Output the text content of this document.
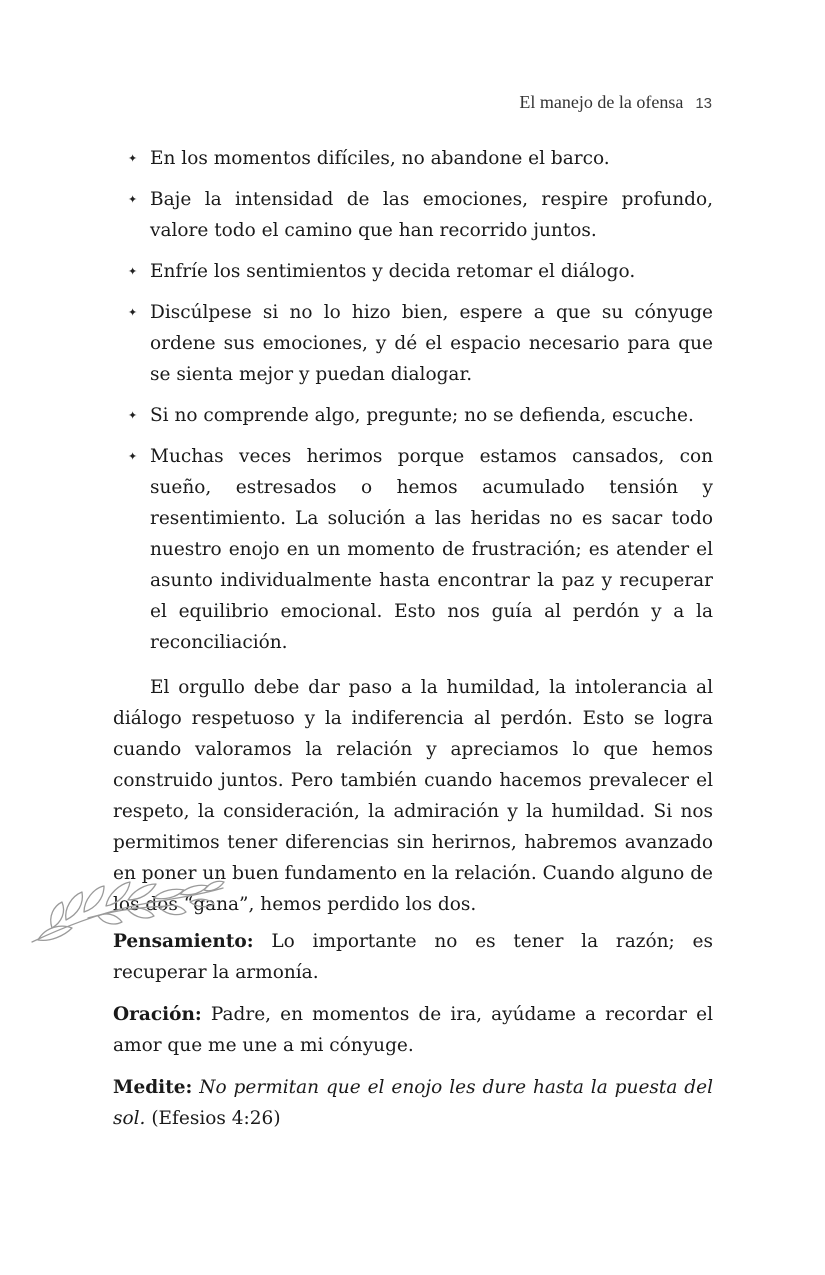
El manejo de la ofensa 13
✦ En los momentos difíciles, no abandone el barco.
✦ Baje la intensidad de las emociones, respire profundo, valore todo el camino que han recorrido juntos.
✦ Enfríe los sentimientos y decida retomar el diálogo.
✦ Discúlpese si no lo hizo bien, espere a que su cónyuge ordene sus emociones, y dé el espacio necesario para que se sienta mejor y puedan dialogar.
✦ Si no comprende algo, pregunte; no se defienda, escuche.
✦ Muchas veces herimos porque estamos cansados, con sueño, estresados o hemos acumulado tensión y resentimiento. La solución a las heridas no es sacar todo nuestro enojo en un momento de frustración; es atender el asunto individualmente hasta encontrar la paz y recuperar el equilibrio emocional. Esto nos guía al perdón y a la reconciliación.

El orgullo debe dar paso a la humildad, la intolerancia al diálogo respetuoso y la indiferencia al perdón. Esto se logra cuando valoramos la relación y apreciamos lo que hemos construido juntos. Pero también cuando hacemos prevalecer el respeto, la consideración, la admiración y la humildad. Si nos permitimos tener diferencias sin herirnos, habremos avanzado en poner un buen fundamento en la relación. Cuando alguno de los dos “gana”, hemos perdido los dos.

Pensamiento: Lo importante no es tener la razón; es recuperar la armonía.

Oración: Padre, en momentos de ira, ayúdame a recordar el amor que me une a mi cónyuge.

Medite: No permitan que el enojo les dure hasta la puesta del sol. (Efesios 4:26)
